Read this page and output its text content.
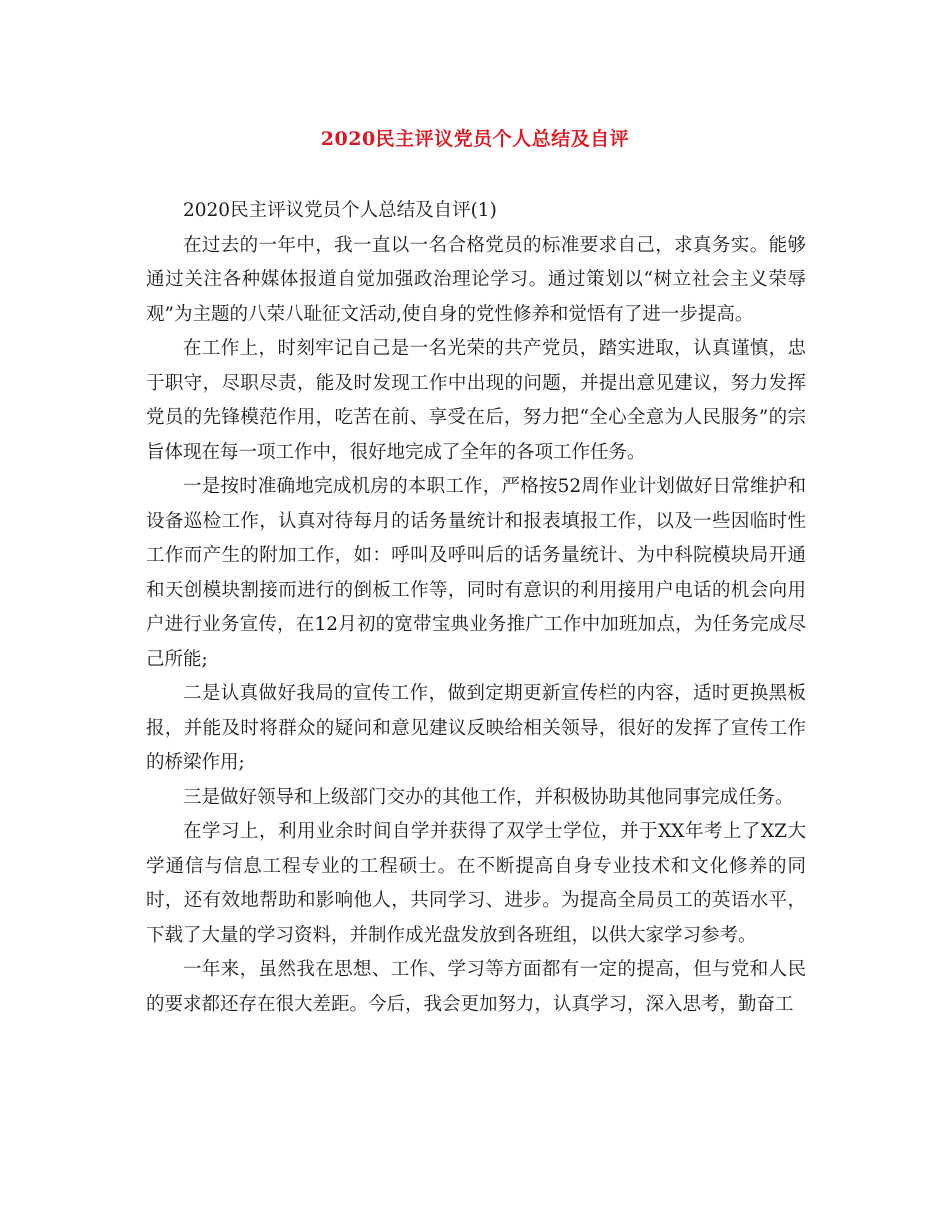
2020民主评议党员个人总结及自评

2020民主评议党员个人总结及自评(1)

在过去的一年中，我一直以一名合格党员的标准要求自己，求真务实。能够通过关注各种媒体报道自觉加强政治理论学习。通过策划以“树立社会主义荣辱观”为主题的八荣八耻征文活动,使自身的党性修养和觉悟有了进一步提高。

在工作上，时刻牢记自己是一名光荣的共产党员，踏实进取，认真谨慎，忠于职守，尽职尽责，能及时发现工作中出现的问题，并提出意见建议，努力发挥党员的先锋模范作用，吃苦在前、享受在后，努力把“全心全意为人民服务”的宗旨体现在每一项工作中，很好地完成了全年的各项工作任务。

一是按时准确地完成机房的本职工作，严格按52周作业计划做好日常维护和设备巡检工作，认真对待每月的话务量统计和报表填报工作，以及一些因临时性工作而产生的附加工作，如：呼叫及呼叫后的话务量统计、为中科院模块局开通和天创模块割接而进行的倒板工作等，同时有意识的利用接用户电话的机会向用户进行业务宣传，在12月初的宽带宝典业务推广工作中加班加点，为任务完成尽己所能;

二是认真做好我局的宣传工作，做到定期更新宣传栏的内容，适时更换黑板报，并能及时将群众的疑问和意见建议反映给相关领导，很好的发挥了宣传工作的桥梁作用;

三是做好领导和上级部门交办的其他工作，并积极协助其他同事完成任务。

在学习上，利用业余时间自学并获得了双学士学位，并于XX年考上了XZ大学通信与信息工程专业的工程硕士。在不断提高自身专业技术和文化修养的同时，还有效地帮助和影响他人，共同学习、进步。为提高全局员工的英语水平，下载了大量的学习资料，并制作成光盘发放到各班组，以供大家学习参考。

一年来，虽然我在思想、工作、学习等方面都有一定的提高，但与党和人民的要求都还存在很大差距。今后，我会更加努力，认真学习，深入思考，勤奋工
